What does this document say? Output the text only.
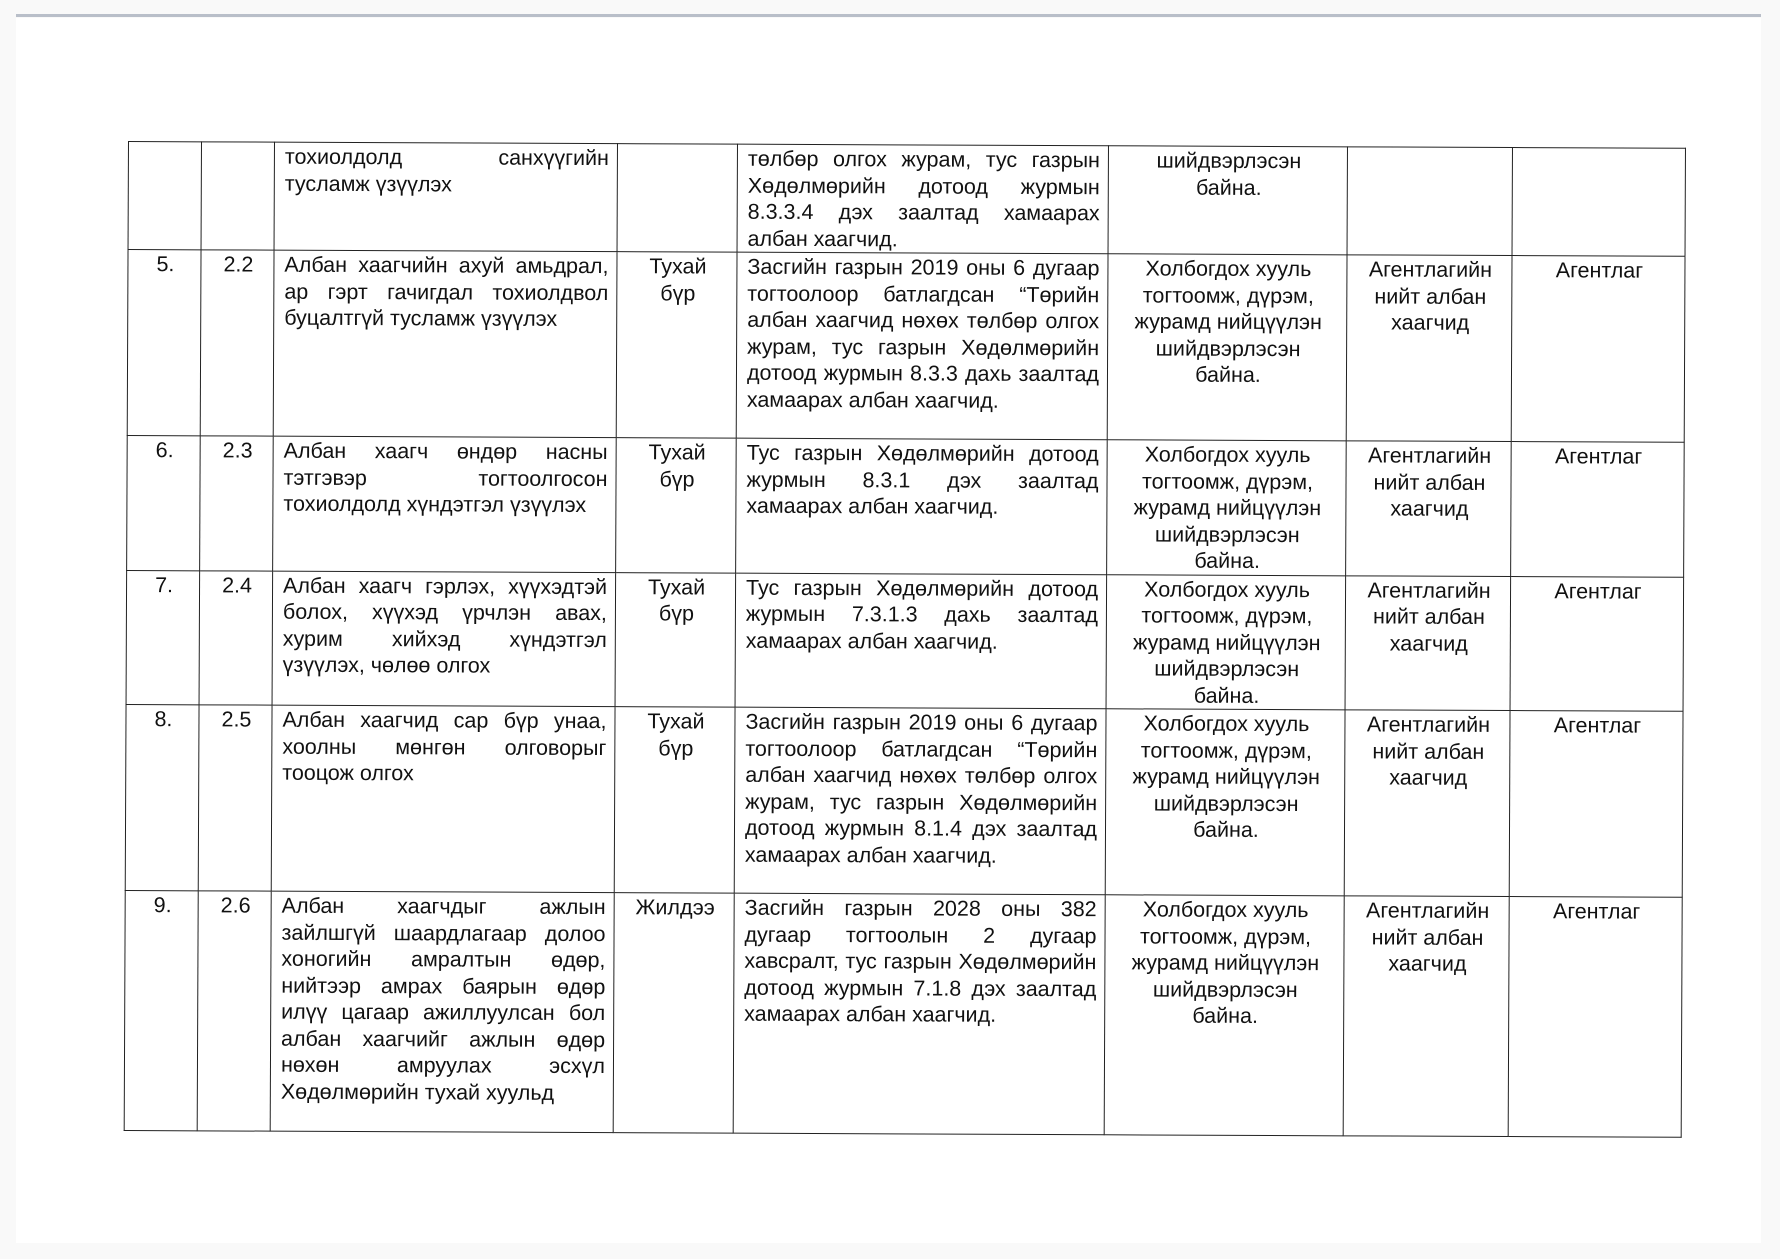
		тохиолдолд санхүүгийн тусламж үзүүлэх		төлбөр олгох журам, тус газрын Хөдөлмөрийн дотоод журмын 8.3.3.4 дэх заалтад хамаарах албан хаагчид.	шийдвэрлэсэн
байна.		
5.	2.2	Албан хаагчийн ахуй амьдрал, ар гэрт гачигдал тохиолдвол буцалтгүй тусламж үзүүлэх	Тухай
бүр	Засгийн газрын 2019 оны 6 дугаар тогтоолоор батлагдсан “Төрийн албан хаагчид нөхөх төлбөр олгох журам, тус газрын Хөдөлмөрийн дотоод журмын 8.3.3 дахь заалтад хамаарах албан хаагчид.	Холбогдох хууль
тогтоомж, дүрэм,
журамд нийцүүлэн
шийдвэрлэсэн
байна.	Агентлагийн
нийт албан
хаагчид	Агентлаг
6.	2.3	Албан хаагч өндөр насны тэтгэвэр тогтоолгосон тохиолдолд хүндэтгэл үзүүлэх	Тухай
бүр	Тус газрын Хөдөлмөрийн дотоод журмын 8.3.1 дэх заалтад хамаарах албан хаагчид.	Холбогдох хууль
тогтоомж, дүрэм,
журамд нийцүүлэн
шийдвэрлэсэн
байна.	Агентлагийн
нийт албан
хаагчид	Агентлаг
7.	2.4	Албан хаагч гэрлэх, хүүхэдтэй болох, хүүхэд үрчлэн авах, хурим хийхэд хүндэтгэл үзүүлэх, чөлөө олгох	Тухай
бүр	Тус газрын Хөдөлмөрийн дотоод журмын 7.3.1.3 дахь заалтад хамаарах албан хаагчид.	Холбогдох хууль
тогтоомж, дүрэм,
журамд нийцүүлэн
шийдвэрлэсэн
байна.	Агентлагийн
нийт албан
хаагчид	Агентлаг
8.	2.5	Албан хаагчид сар бүр унаа, хоолны мөнгөн олговорыг тооцож олгох	Тухай
бүр	Засгийн газрын 2019 оны 6 дугаар тогтоолоор батлагдсан “Төрийн албан хаагчид нөхөх төлбөр олгох журам, тус газрын Хөдөлмөрийн дотоод журмын 8.1.4 дэх заалтад хамаарах албан хаагчид.	Холбогдох хууль
тогтоомж, дүрэм,
журамд нийцүүлэн
шийдвэрлэсэн
байна.	Агентлагийн
нийт албан
хаагчид	Агентлаг
9.	2.6	Албан хаагчдыг ажлын зайлшгүй шаардлагаар долоо хоногийн амралтын өдөр, нийтээр амрах баярын өдөр илүү цагаар ажиллуулсан бол албан хаагчийг ажлын өдөр нөхөн амруулах эсхүл Хөдөлмөрийн тухай хуульд	Жилдээ	Засгийн газрын 2028 оны 382 дугаар тогтоолын 2 дугаар хавсралт, тус газрын Хөдөлмөрийн дотоод журмын 7.1.8 дэх заалтад хамаарах албан хаагчид.	Холбогдох хууль
тогтоомж, дүрэм,
журамд нийцүүлэн
шийдвэрлэсэн
байна.	Агентлагийн
нийт албан
хаагчид	Агентлаг
